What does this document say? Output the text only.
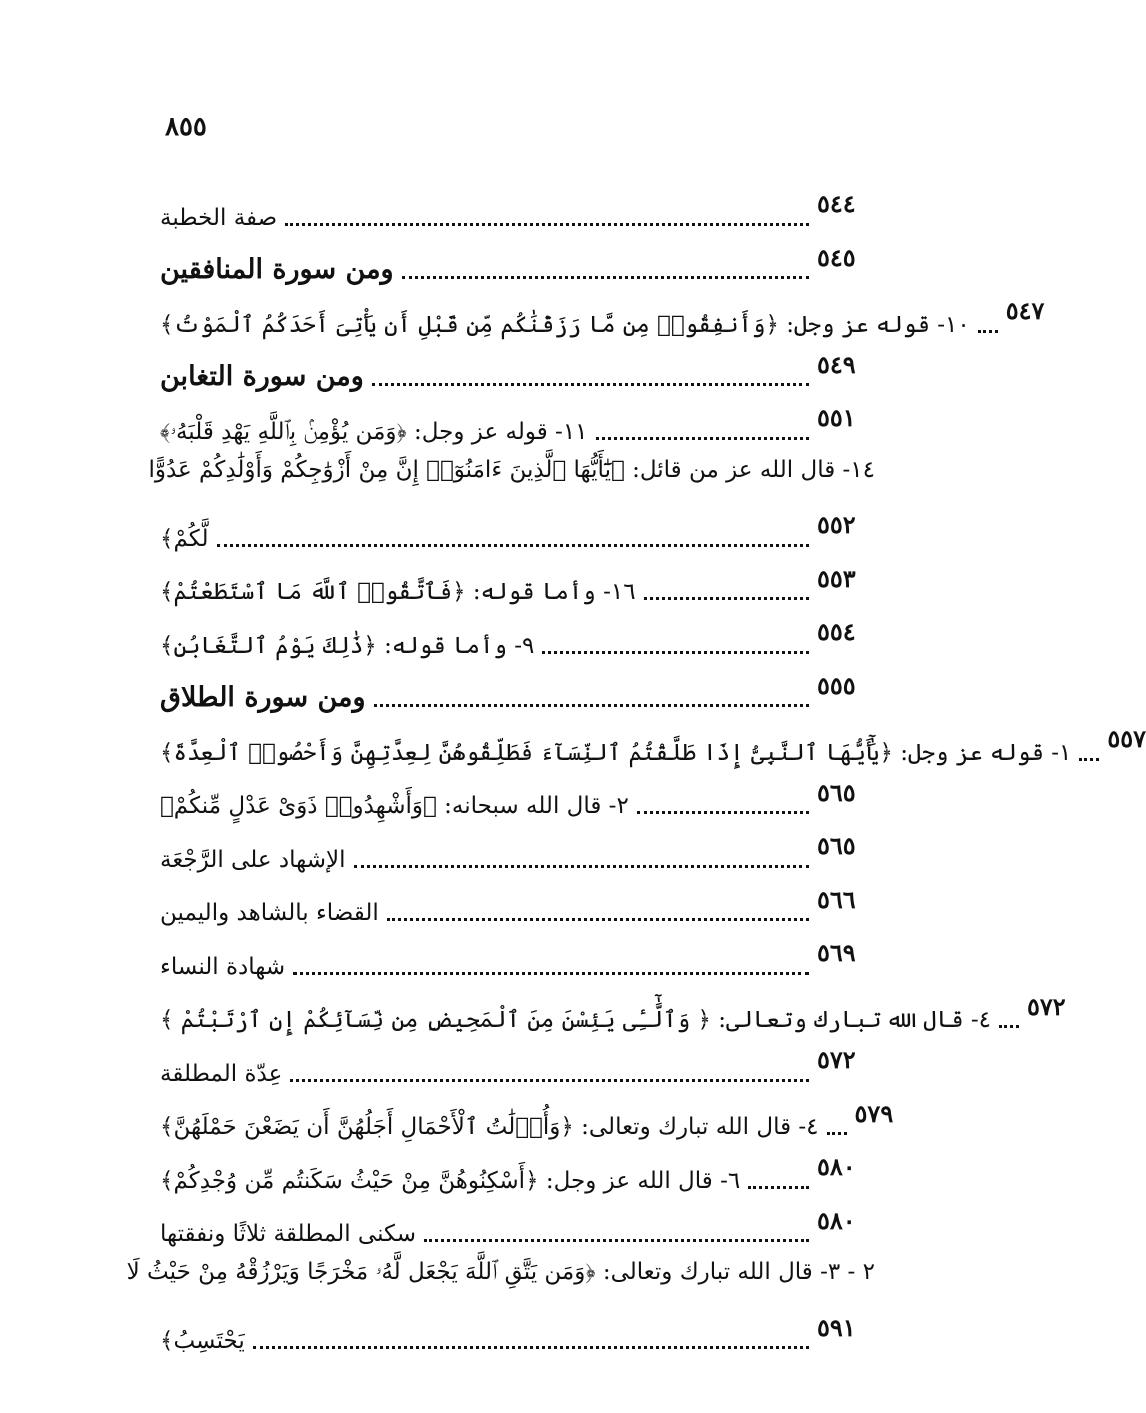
٨٥٥
صفة الخطبة	٥٤٤
ومن سورة المنافقين	٥٤٥
١٠- قوله عز وجل: ﴿وَأَنفِقُوا۟ مِن مَّا رَزَقْنَٰكُم مِّن قَبْلِ أَن يَأْتِىَ أَحَدَكُمُ ٱلْمَوْتُ﴾ ٥٤٧
ومن سورة التغابن	٥٤٩
١١- قوله عز وجل: ﴿وَمَن يُؤْمِنۢ بِٱللَّهِ يَهْدِ قَلْبَهُۥ﴾	٥٥١
١٤- قال الله عز من قائل: ﴿يَٰٓأَيُّهَا ٱلَّذِينَ ءَامَنُوٓا۟ إِنَّ مِنْ أَزْوَٰجِكُمْ وَأَوْلَٰدِكُمْ عَدُوًّا
لَّكُمْ﴾	٥٥٢
١٦- وأما قوله: ﴿فَٱتَّقُوا۟ ٱللَّهَ مَا ٱسْتَطَعْتُمْ﴾	٥٥٣
٩- وأما قوله: ﴿ذَٰلِكَ يَوْمُ ٱلتَّغَابُنِ﴾	٥٥٤
ومن سورة الطلاق	٥٥٥
١- قوله عز وجل: ﴿يَٰٓأَيُّهَا ٱلنَّبِىُّ إِذَا طَلَّقْتُمُ ٱلنِّسَآءَ فَطَلِّقُوهُنَّ لِعِدَّتِهِنَّ وَأَحْصُوا۟ ٱلْعِدَّةَ﴾ ٥٥٧
٢- قال الله سبحانه: ﴿وَأَشْهِدُوا۟ ذَوَىْ عَدْلٍ مِّنكُمْ﴾	٥٦٥
الإشهاد على الرَّجْعَة	٥٦٥
القضاء بالشاهد واليمين	٥٦٦
شهادة النساء	٥٦٩
٤- قال الله تبارك وتعالى: ﴿ وَٱلَّٰٓـِٔى يَئِسْنَ مِنَ ٱلْمَحِيضِ مِن نِّسَآئِكُمْ إِنِ ٱرْتَبْتُمْ ﴾ ٥٧٢
عِدّة المطلقة	٥٧٢
٤- قال الله تبارك وتعالى: ﴿وَأُو۟لَٰتُ ٱلْأَحْمَالِ أَجَلُهُنَّ أَن يَضَعْنَ حَمْلَهُنَّ﴾ ٥٧٩
٦- قال الله عز وجل: ﴿أَسْكِنُوهُنَّ مِنْ حَيْثُ سَكَنتُم مِّن وُجْدِكُمْ﴾	٥٨٠
سكنى المطلقة ثلاثًا ونفقتها	٥٨٠
٢ - ٣- قال الله تبارك وتعالى: ﴿وَمَن يَتَّقِ ٱللَّهَ يَجْعَل لَّهُۥ مَخْرَجًا وَيَرْزُقْهُ مِنْ حَيْثُ لَا
يَحْتَسِبُ﴾	٥٩١
